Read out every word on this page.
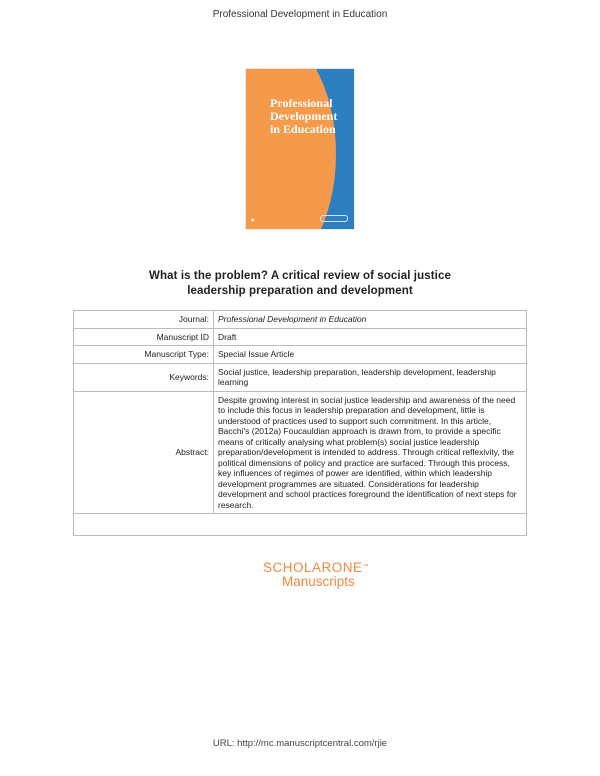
Professional Development in Education
Professional
Development
in Education
◉
What is the problem? A critical review of social justice
leadership preparation and development
Journal:	Professional Development in Education
Manuscript ID	Draft
Manuscript Type:	Special Issue Article
Keywords:	Social justice, leadership preparation, leadership development, leadership learning
Abstract:	Despite growing interest in social justice leadership and awareness of the need to include this focus in leadership preparation and development, little is understood of practices used to support such commitment. In this article, Bacchi's (2012a) Foucauldian approach is drawn from, to provide a specific means of critically analysing what problem(s) social justice leadership preparation/development is intended to address. Through critical reflexivity, the political dimensions of policy and practice are surfaced. Through this process, key influences of regimes of power are identified, within which leadership development programmes are situated. Considerations for leadership development and school practices foreground the identification of next steps for research.

SCHOLARONE™
Manuscripts
URL: http://mc.manuscriptcentral.com/rjie
